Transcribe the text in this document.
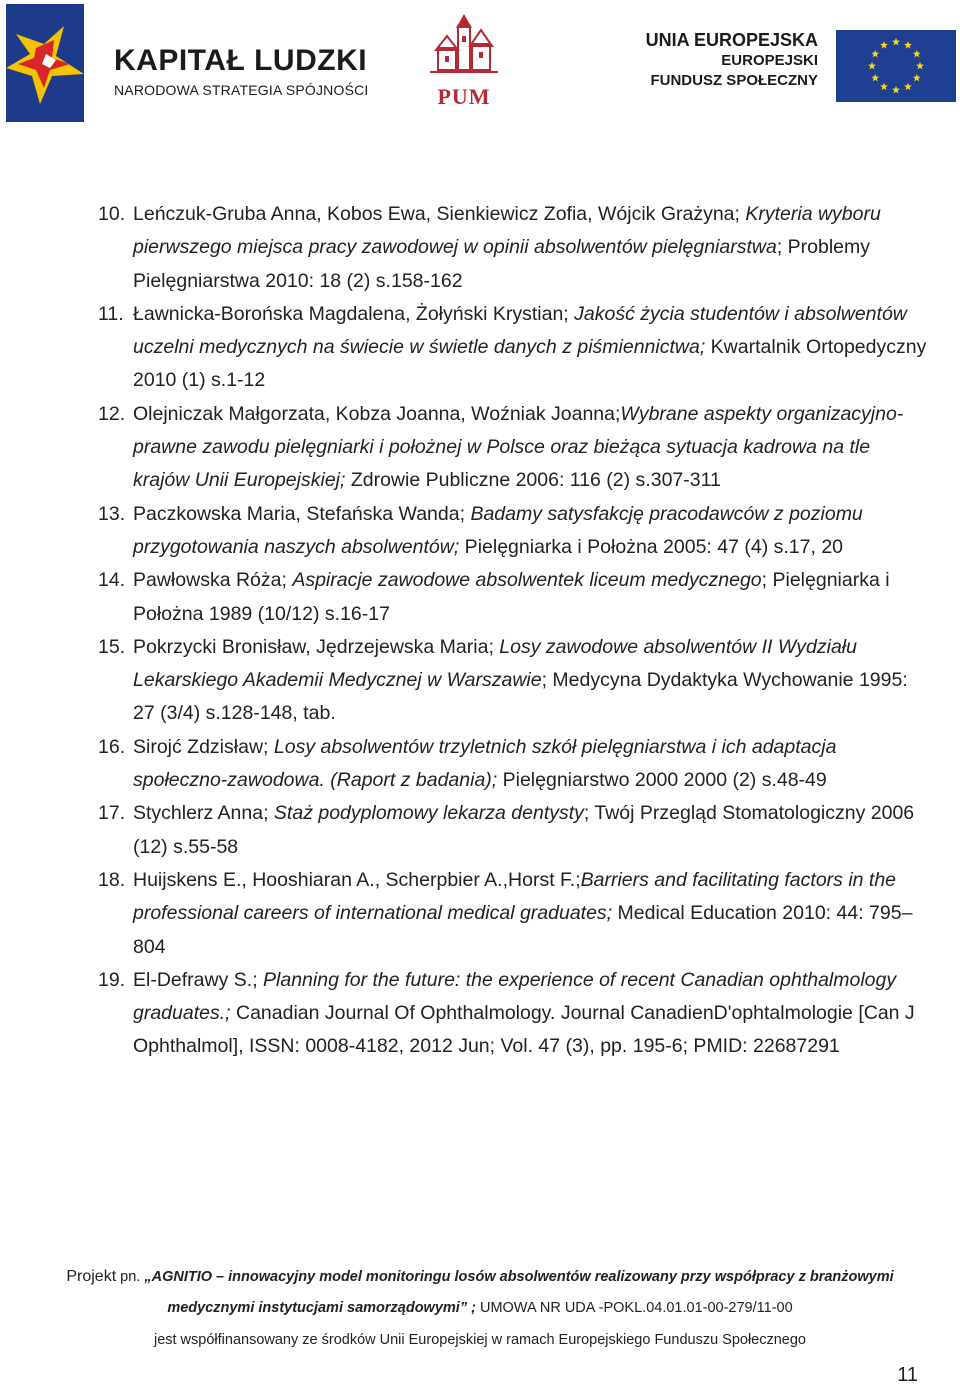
KAPITAŁ LUDZKI
NARODOWA STRATEGIA SPÓJNOŚCI	PUM
UNIA EUROPEJSKA
EUROPEJSKI
FUNDUSZ SPOŁECZNY
10. Leńczuk-Gruba Anna, Kobos Ewa, Sienkiewicz Zofia, Wójcik Grażyna; Kryteria wyboru pierwszego miejsca pracy zawodowej w opinii absolwentów pielęgniarstwa; Problemy Pielęgniarstwa 2010: 18 (2) s.158-162
11. Ławnicka-Borońska Magdalena, Żołyński Krystian; Jakość życia studentów i absolwentów uczelni medycznych na świecie w świetle danych z piśmiennictwa; Kwartalnik Ortopedyczny 2010 (1) s.1-12
12. Olejniczak Małgorzata, Kobza Joanna, Woźniak Joanna;Wybrane aspekty organizacyjno-prawne zawodu pielęgniarki i położnej w Polsce oraz bieżąca sytuacja kadrowa na tle krajów Unii Europejskiej; Zdrowie Publiczne 2006: 116 (2) s.307-311
13. Paczkowska Maria, Stefańska Wanda; Badamy satysfakcję pracodawców z poziomu przygotowania naszych absolwentów; Pielęgniarka i Położna 2005: 47 (4) s.17, 20
14. Pawłowska Róża; Aspiracje zawodowe absolwentek liceum medycznego; Pielęgniarka i Położna 1989 (10/12) s.16-17
15. Pokrzycki Bronisław, Jędrzejewska Maria; Losy zawodowe absolwentów II Wydziału Lekarskiego Akademii Medycznej w Warszawie; Medycyna Dydaktyka Wychowanie 1995: 27 (3/4) s.128-148, tab.
16. Sirojć Zdzisław; Losy absolwentów trzyletnich szkół pielęgniarstwa i ich adaptacja społeczno-zawodowa. (Raport z badania); Pielęgniarstwo 2000 2000 (2) s.48-49
17. Stychlerz Anna; Staż podyplomowy lekarza dentysty; Twój Przegląd Stomatologiczny 2006 (12) s.55-58
18. Huijskens E., Hooshiaran A., Scherpbier A.,Horst F.;Barriers and facilitating factors in the professional careers of international medical graduates; Medical Education 2010: 44: 795–804
19. El-Defrawy S.; Planning for the future: the experience of recent Canadian ophthalmology graduates.; Canadian Journal Of Ophthalmology. Journal CanadienD'ophtalmologie [Can J Ophthalmol], ISSN: 0008-4182, 2012 Jun; Vol. 47 (3), pp. 195-6; PMID: 22687291
Projekt pn. „AGNITIO – innowacyjny model monitoringu losów absolwentów realizowany przy współpracy z branżowymi
medycznymi instytucjami samorządowymi” ; UMOWA NR UDA -POKL.04.01.01-00-279/11-00
jest współfinansowany ze środków Unii Europejskiej w ramach Europejskiego Funduszu Społecznego
11
